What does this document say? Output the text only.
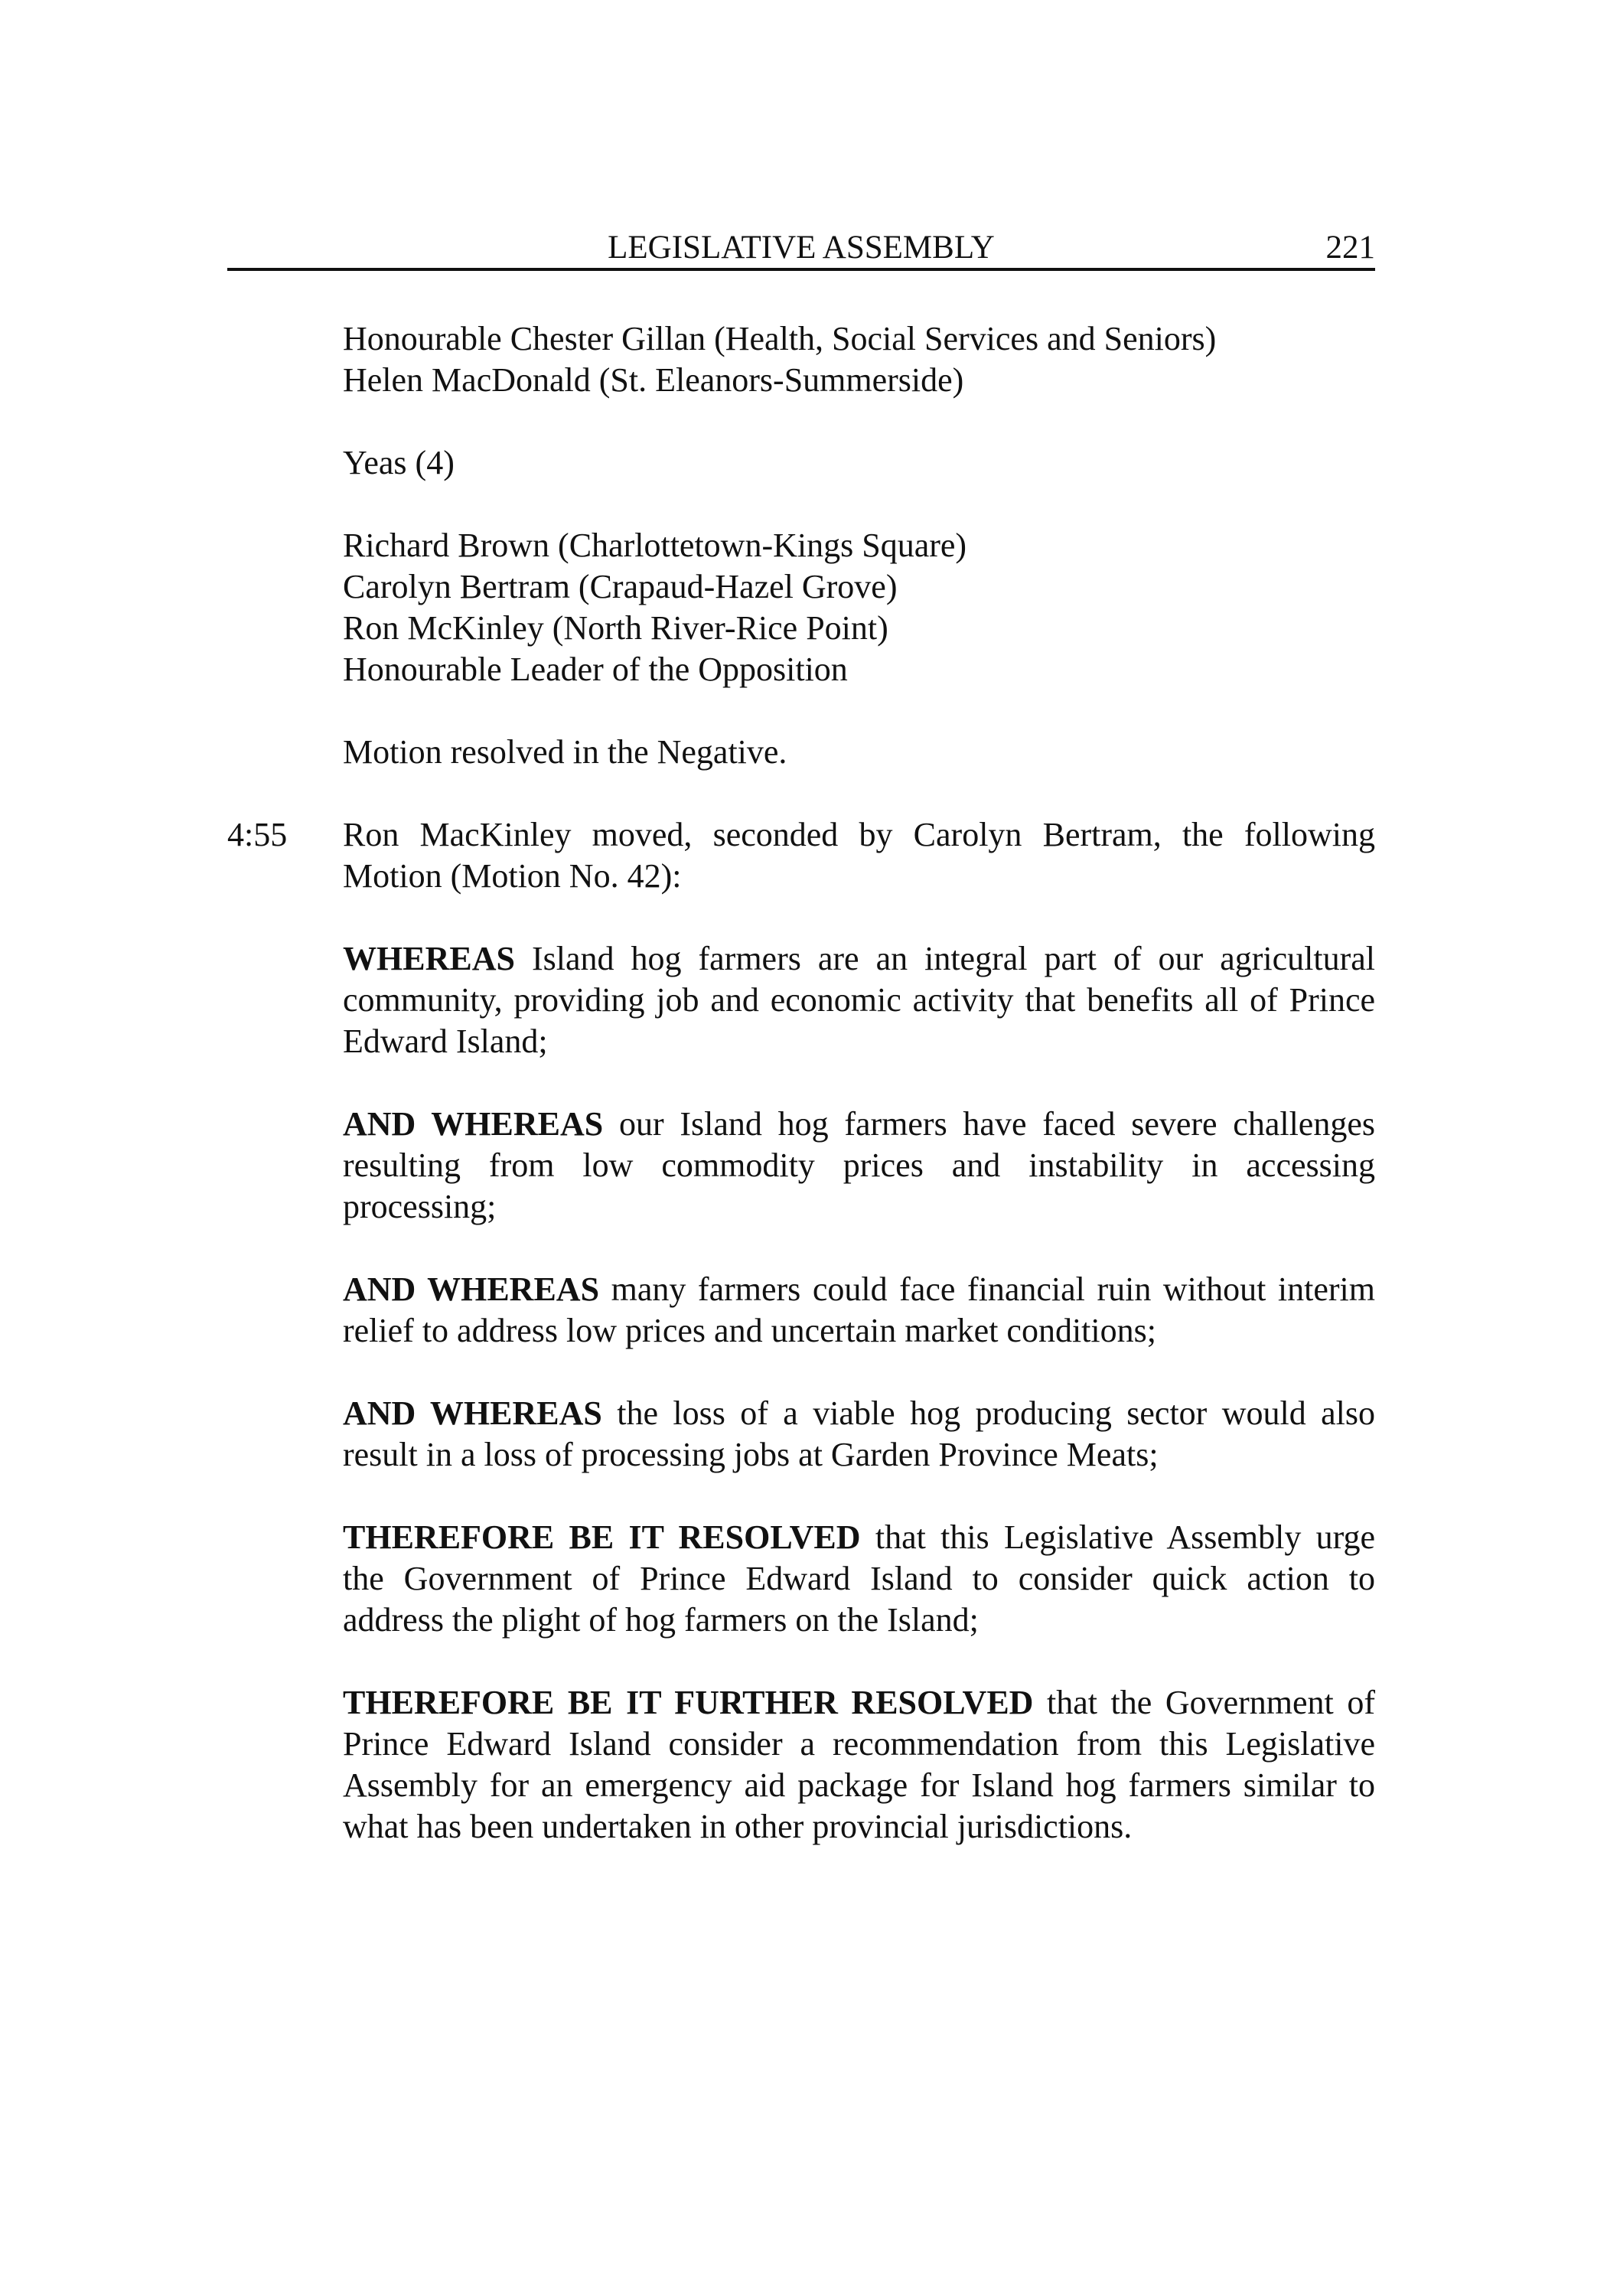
LEGISLATIVE ASSEMBLY	221
Honourable Chester Gillan (Health, Social Services and Seniors)
Helen MacDonald (St. Eleanors-Summerside)
Yeas (4)
Richard Brown (Charlottetown-Kings Square)
Carolyn Bertram (Crapaud-Hazel Grove)
Ron McKinley (North River-Rice Point)
Honourable Leader of the Opposition
Motion resolved in the Negative.
4:55 Ron MacKinley moved, seconded by Carolyn Bertram, the following
Motion (Motion No. 42):
WHEREAS Island hog farmers are an integral part of our agricultural
community, providing job and economic activity that benefits all of Prince
Edward Island;
AND WHEREAS our Island hog farmers have faced severe challenges
resulting from low commodity prices and instability in accessing
processing;
AND WHEREAS many farmers could face financial ruin without interim
relief to address low prices and uncertain market conditions;
AND WHEREAS the loss of a viable hog producing sector would also
result in a loss of processing jobs at Garden Province Meats;
THEREFORE BE IT RESOLVED that this Legislative Assembly urge
the Government of Prince Edward Island to consider quick action to
address the plight of hog farmers on the Island;
THEREFORE BE IT FURTHER RESOLVED that the Government of
Prince Edward Island consider a recommendation from this Legislative
Assembly for an emergency aid package for Island hog farmers similar to
what has been undertaken in other provincial jurisdictions.
